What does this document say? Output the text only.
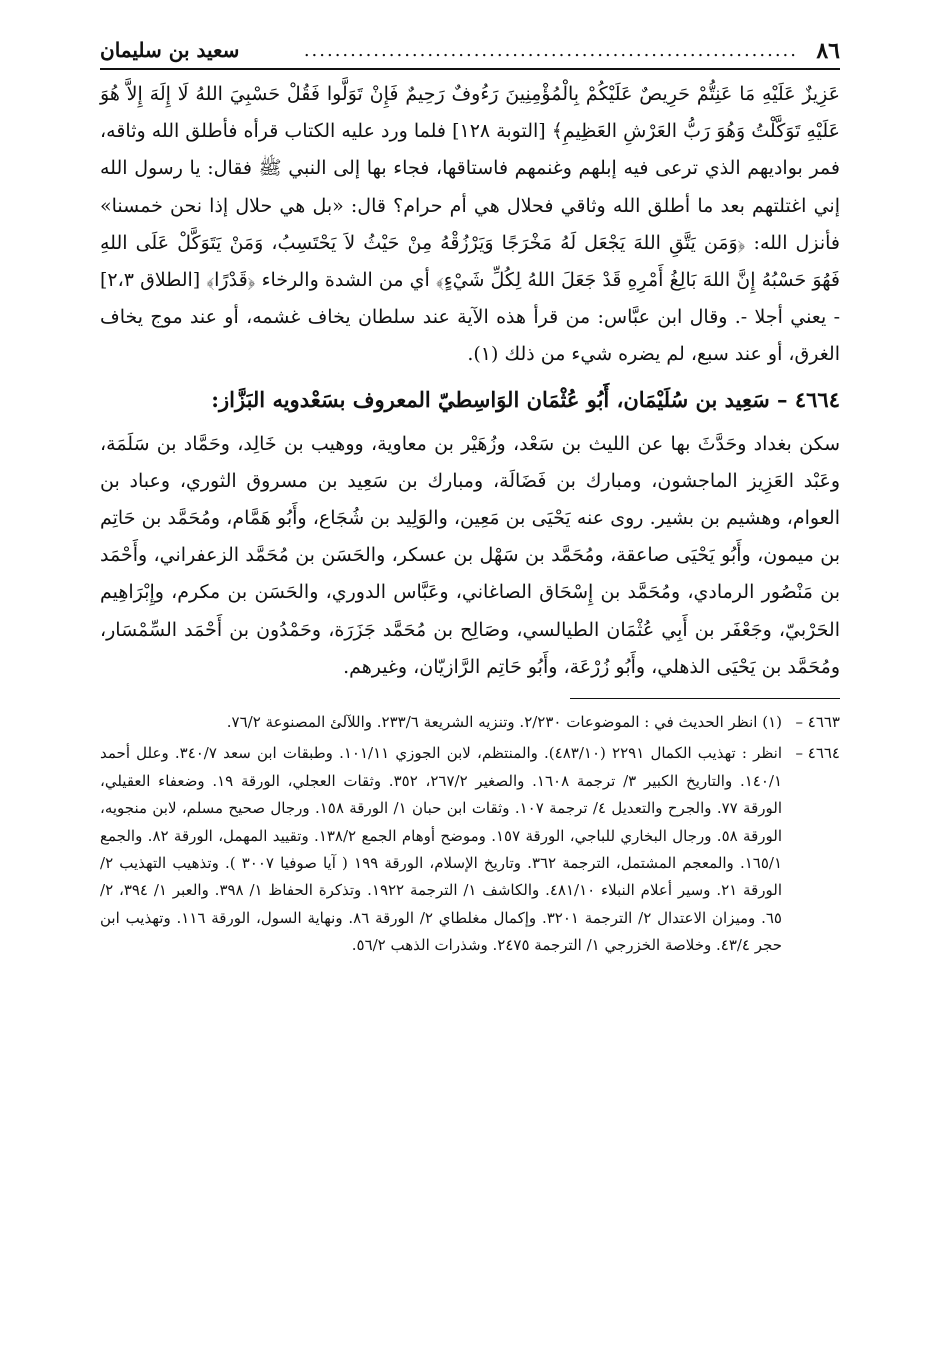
٨٦
................................................................
سعيد بن سليمان

عَزِيزٌ عَلَيْهِ مَا عَنِتُّمْ حَرِيصٌ عَلَيْكُمْ بِالْمُؤْمِنِينَ رَءُوفٌ رَحِيمٌ فَإِنْ تَوَلَّوا فَقُلْ حَسْبِيَ اللهُ لَا إِلَهَ إِلاَّ هُوَ عَلَيْهِ تَوَكَّلْتُ وَهُوَ رَبُّ العَرْشِ العَظِيمِ﴾ [التوبة ١٢٨] فلما ورد عليه الكتاب قرأه فأطلق الله وثاقه، فمر بواديهم الذي ترعى فيه إبلهم وغنمهم فاستاقها، فجاء بها إلى النبي ﷺ فقال: يا رسول الله إني اغتلتهم بعد ما أطلق الله وثاقي فحلال هي أم حرام؟ قال: «بل هي حلال إذا نحن خمسنا» فأنزل الله: ﴿وَمَن يَتَّقِ اللهَ يَجْعَل لَهُ مَخْرَجًا وَيَرْزُقْهُ مِنْ حَيْثُ لاَ يَحْتَسِبُ، وَمَنْ يَتَوَكَّلْ عَلَى اللهِ فَهُوَ حَسْبُهُ إِنَّ اللهَ بَالِغُ أَمْرِهِ قَدْ جَعَلَ اللهُ لِكُلِّ شَيْءٍ﴾ أي من الشدة والرخاء ﴿قَدْرًا﴾ [الطلاق ٢،٣] - يعني أجلا -. وقال ابن عبَّاس: من قرأ هذه الآية عند سلطان يخاف غشمه، أو عند موج يخاف الغرق، أو عند سبع، لم يضره شيء من ذلك (١).

٤٦٦٤ – سَعِيد بن سُلَيْمَان، أَبُو عُثْمَان الوَاسِطيّ المعروف بسَعْدويه البَزَّاز:

سكن بغداد وحَدَّثَ بها عن الليث بن سَعْد، وزُهَيْر بن معاوية، ووهيب بن خَالِد، وحَمَّاد بن سَلَمَة، وعَبْد العَزِيز الماجشون، ومبارك بن فَضَالَة، ومبارك بن سَعِيد بن مسروق الثوري، وعباد بن العوام، وهشيم بن بشير. روى عنه يَحْيَى بن مَعِين، والوَلِيد بن شُجَاع، وأَبُو هَمَّام، ومُحَمَّد بن حَاتِم بن ميمون، وأَبُو يَحْيَى صاعقة، ومُحَمَّد بن سَهْل بن عسكر، والحَسَن بن مُحَمَّد الزعفراني، وأَحْمَد بن مَنْصُور الرمادي، ومُحَمَّد بن إِسْحَاق الصاغاني، وعَبَّاس الدوري، والحَسَن بن مكرم، وإِبْرَاهِيم الحَرْبيّ، وجَعْفَر بن أَبِي عُثْمَان الطيالسي، وصَالِح بن مُحَمَّد جَزَرَة، وحَمْدُون بن أَحْمَد السِّمْسَار، ومُحَمَّد بن يَحْيَى الذهلي، وأَبُو زُرْعَة، وأَبُو حَاتِم الرَّازيّان، وغيرهم.

٤٦٦٣ –
(١) انظر الحديث في : الموضوعات ٢/٢٣٠. وتنزيه الشريعة ٢٣٣/٦. واللآلئ المصنوعة ٧٦/٢.
٤٦٦٤ –
انظر : تهذيب الكمال ٢٢٩١ (٤٨٣/١٠). والمنتظم، لابن الجوزي ١٠١/١١. وطبقات ابن سعد ٣٤٠/٧. وعلل أحمد ١٤٠/١. والتاريخ الكبير ٣/ ترجمة ١٦٠٨. والصغير ٢٦٧/٢، ٣٥٢. وثقات العجلي، الورقة ١٩. وضعفاء العقيلي، الورقة ٧٧. والجرح والتعديل ٤/ ترجمة ١٠٧. وثقات ابن حبان ١/ الورقة ١٥٨. ورجال صحيح مسلم، لابن منجويه، الورقة ٥٨. ورجال البخاري للباجي، الورقة ١٥٧. وموضح أوهام الجمع ١٣٨/٢. وتقييد المهمل، الورقة ٨٢. والجمع ١٦٥/١. والمعجم المشتمل، الترجمة ٣٦٢. وتاريخ الإسلام، الورقة ١٩٩ ( آيا صوفيا ٣٠٠٧ ). وتذهيب التهذيب ٢/ الورقة ٢١. وسير أعلام النبلاء ٤٨١/١٠. والكاشف ١/ الترجمة ١٩٢٢. وتذكرة الحفاظ ١/ ٣٩٨. والعبر ١/ ٣٩٤، ٢/ ٦٥. وميزان الاعتدال ٢/ الترجمة ٣٢٠١. وإكمال مغلطاي ٢/ الورقة ٨٦. ونهاية السول، الورقة ١١٦. وتهذيب ابن حجر ٤٣/٤. وخلاصة الخزرجي ١/ الترجمة ٢٤٧٥. وشذرات الذهب ٥٦/٢.
